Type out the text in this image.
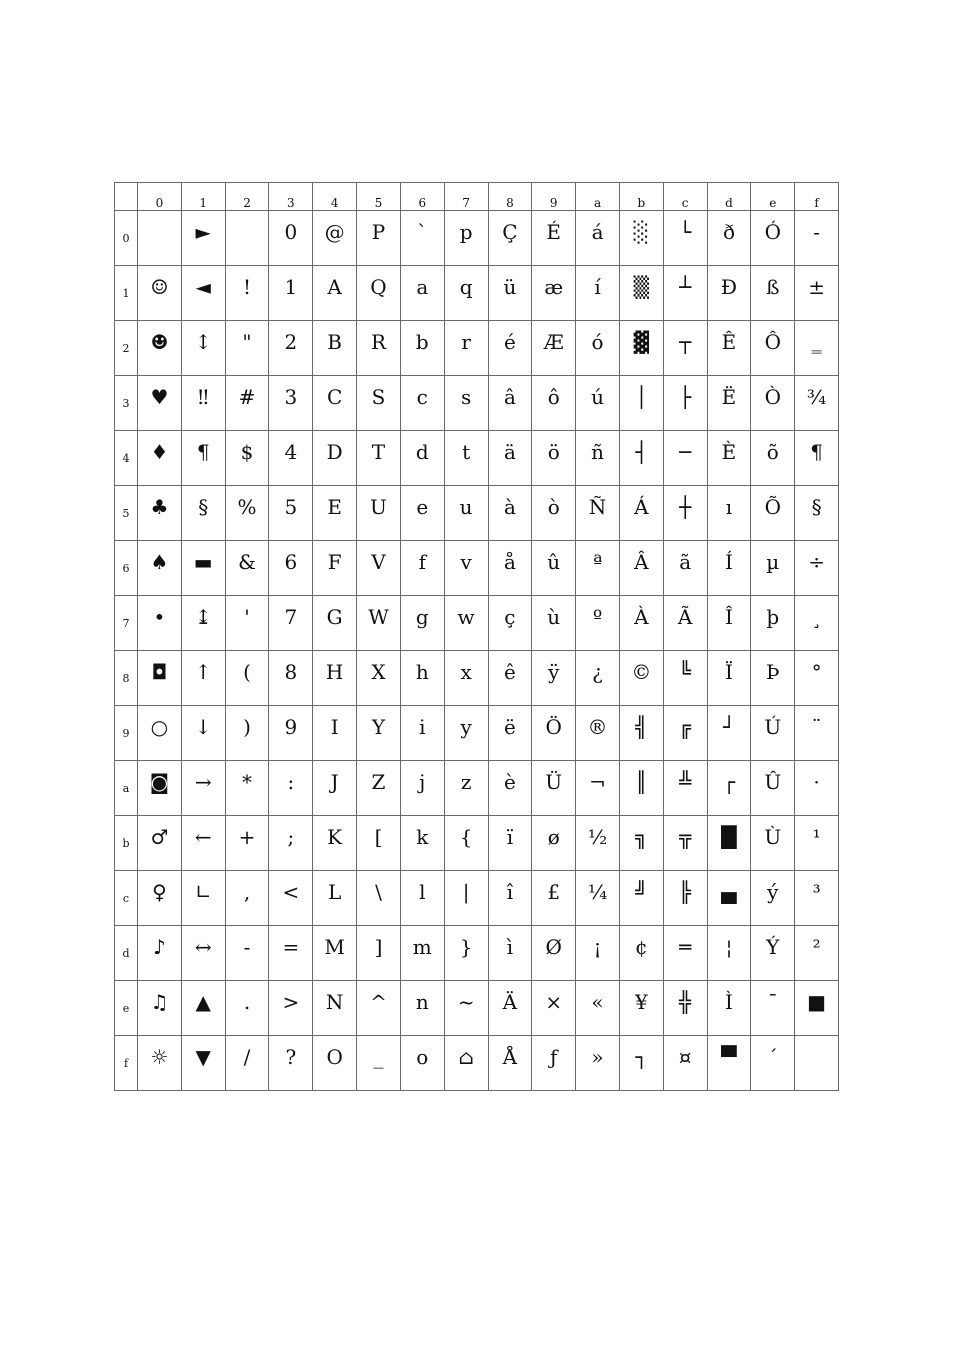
	0	1	2	3	4	5	6	7	8	9	a	b	c	d	e	f
0		►		0	@	P	`	p	Ç	É	á	░	└	ð	Ó	-
1	☺	◄	!	1	A	Q	a	q	ü	æ	í	▒	┴	Đ	ß	±
2	☻	↕	"	2	B	R	b	r	é	Æ	ó	▓	┬	Ê	Ô	‗
3	♥	‼	#	3	C	S	c	s	â	ô	ú	│	├	Ë	Ò	¾
4	♦	¶	$	4	D	T	d	t	ä	ö	ñ	┤	─	È	õ	¶
5	♣	§	%	5	E	U	e	u	à	ò	Ñ	Á	┼	ı	Õ	§
6	♠	▬	&	6	F	V	f	v	å	û	ª	Â	ã	Í	µ	÷
7	•	↨	'	7	G	W	g	w	ç	ù	º	À	Ã	Î	þ	¸
8	◘	↑	(	8	H	X	h	x	ê	ÿ	¿	©	╚	Ï	Þ	°
9	○	↓	)	9	I	Y	i	y	ë	Ö	®	╣	╔	┘	Ú	¨
a	◙	→	*	:	J	Z	j	z	è	Ü	¬	║	╩	┌	Û	·
b	♂	←	+	;	K	[	k	{	ï	ø	½	╗	╦	█	Ù	¹
c	♀	∟	,	<	L	\	l	|	î	£	¼	╝	╠	▄	ý	³
d	♪	↔	-	=	M	]	m	}	ì	Ø	¡	¢	═	¦	Ý	²
e	♫	▲	.	>	N	^	n	~	Ä	×	«	¥	╬	Ì	¯	■
f	☼	▼	/	?	O	_	o	⌂	Å	ƒ	»	┐	¤	▀	´	
